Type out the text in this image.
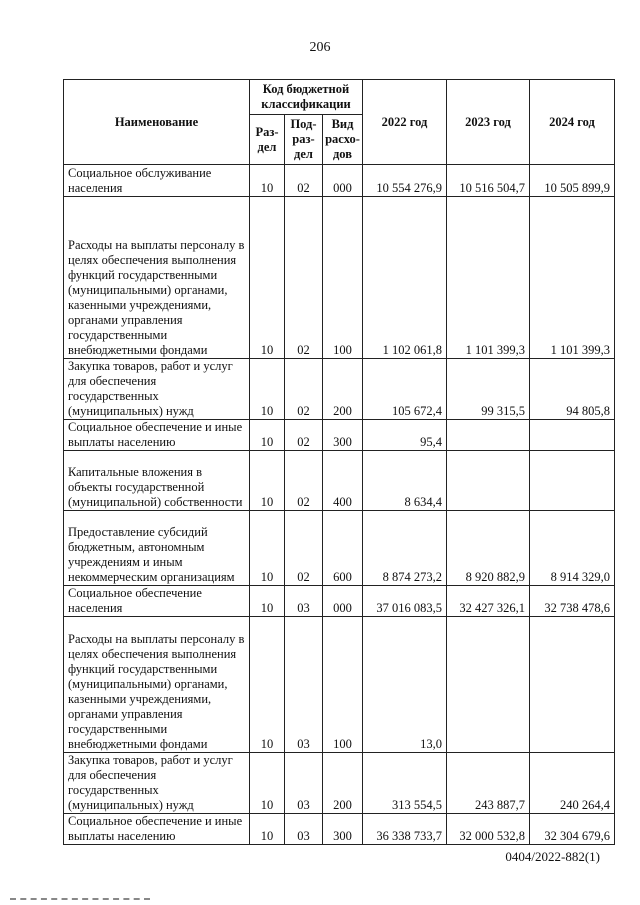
206
Наименование	Код бюджетной классификации			2022 год	2023 год	2024 год
	Раз-дел	Под-раз-дел	Вид расхо-дов			
Социальное обслуживание населения	10	02	000	10 554 276,9	10 516 504,7	10 505 899,9
Расходы на выплаты персоналу в целях обеспечения выполнения функций государственными (муниципальными) органами, казенными учреждениями, органами управления государственными внебюджетными фондами	10	02	100	1 102 061,8	1 101 399,3	1 101 399,3
Закупка товаров, работ и услуг для обеспечения государственных (муниципальных) нужд	10	02	200	105 672,4	99 315,5	94 805,8
Социальное обеспечение и иные выплаты населению	10	02	300	95,4		
Капитальные вложения в объекты государственной (муниципальной) собственности	10	02	400	8 634,4		
Предоставление субсидий бюджетным, автономным учреждениям и иным некоммерческим организациям	10	02	600	8 874 273,2	8 920 882,9	8 914 329,0
Социальное обеспечение населения	10	03	000	37 016 083,5	32 427 326,1	32 738 478,6
Расходы на выплаты персоналу в целях обеспечения выполнения функций государственными (муниципальными) органами, казенными учреждениями, органами управления государственными внебюджетными фондами	10	03	100	13,0		
Закупка товаров, работ и услуг для обеспечения государственных (муниципальных) нужд	10	03	200	313 554,5	243 887,7	240 264,4
Социальное обеспечение и иные выплаты населению	10	03	300	36 338 733,7	32 000 532,8	32 304 679,6
0404/2022-882(1)
